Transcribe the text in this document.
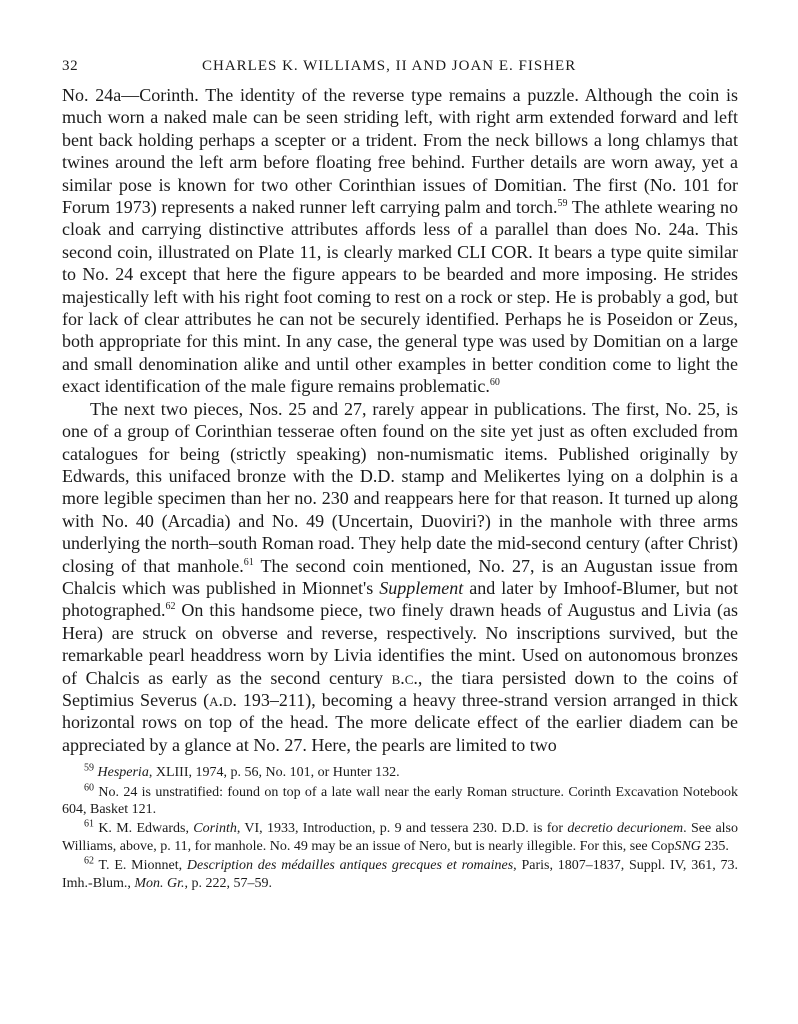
32	CHARLES K. WILLIAMS, II AND JOAN E. FISHER

No. 24a—Corinth. The identity of the reverse type remains a puzzle. Although the coin is much worn a naked male can be seen striding left, with right arm extended forward and left bent back holding perhaps a scepter or a trident. From the neck billows a long chlamys that twines around the left arm before floating free behind. Further details are worn away, yet a similar pose is known for two other Corinthian issues of Domitian. The first (No. 101 for Forum 1973) represents a naked runner left carrying palm and torch.$^{59}$ The athlete wearing no cloak and carrying distinctive attributes affords less of a parallel than does No. 24a. This second coin, illustrated on Plate 11, is clearly marked CLI COR. It bears a type quite similar to No. 24 except that here the figure appears to be bearded and more imposing. He strides majestically left with his right foot coming to rest on a rock or step. He is probably a god, but for lack of clear attributes he can not be securely identified. Perhaps he is Poseidon or Zeus, both appropriate for this mint. In any case, the general type was used by Domitian on a large and small denomination alike and until other examples in better condition come to light the exact identification of the male figure remains problematic.$^{60}$

The next two pieces, Nos. 25 and 27, rarely appear in publications. The first, No. 25, is one of a group of Corinthian tesserae often found on the site yet just as often excluded from catalogues for being (strictly speaking) non-numismatic items. Published originally by Edwards, this unifaced bronze with the D.D. stamp and Melikertes lying on a dolphin is a more legible specimen than her no. 230 and reappears here for that reason. It turned up along with No. 40 (Arcadia) and No. 49 (Uncertain, Duoviri?) in the manhole with three arms underlying the north–south Roman road. They help date the mid-second century (after Christ) closing of that manhole.$^{61}$ The second coin mentioned, No. 27, is an Augustan issue from Chalcis which was published in Mionnet's Supplement and later by Imhoof-Blumer, but not photographed.$^{62}$ On this handsome piece, two finely drawn heads of Augustus and Livia (as Hera) are struck on obverse and reverse, respectively. No inscriptions survived, but the remarkable pearl headdress worn by Livia identifies the mint. Used on autonomous bronzes of Chalcis as early as the second century b.c., the tiara persisted down to the coins of Septimius Severus (a.d. 193–211), becoming a heavy three-strand version arranged in thick horizontal rows on top of the head. The more delicate effect of the earlier diadem can be appreciated by a glance at No. 27. Here, the pearls are limited to two

$^{59}$ Hesperia, XLIII, 1974, p. 56, No. 101, or Hunter 132.

$^{60}$ No. 24 is unstratified: found on top of a late wall near the early Roman structure. Corinth Excavation Notebook 604, Basket 121.

$^{61}$ K. M. Edwards, Corinth, VI, 1933, Introduction, p. 9 and tessera 230. D.D. is for decretio decurionem. See also Williams, above, p. 11, for manhole. No. 49 may be an issue of Nero, but is nearly illegible. For this, see CopSNG 235.

$^{62}$ T. E. Mionnet, Description des médailles antiques grecques et romaines, Paris, 1807–1837, Suppl. IV, 361, 73. Imh.-Blum., Mon. Gr., p. 222, 57–59.
